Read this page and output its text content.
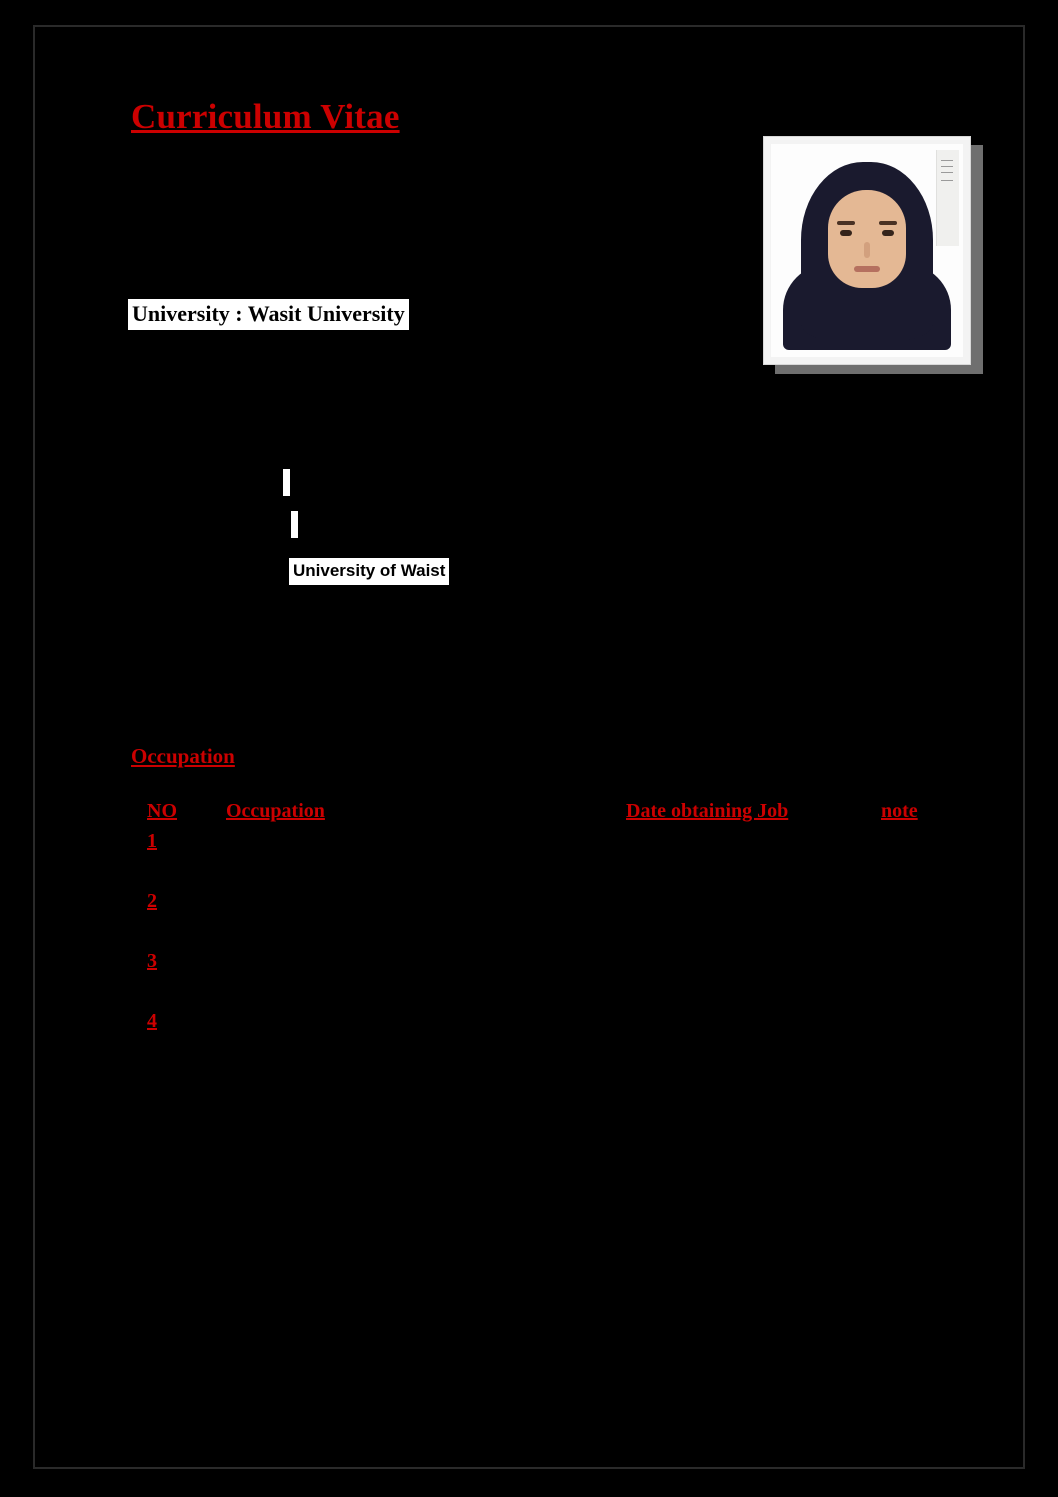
Curriculum Vitae
University : Wasit University
University of Waist
Occupation
NO Occupation	Date obtaining Job	note
1
2
3
4
